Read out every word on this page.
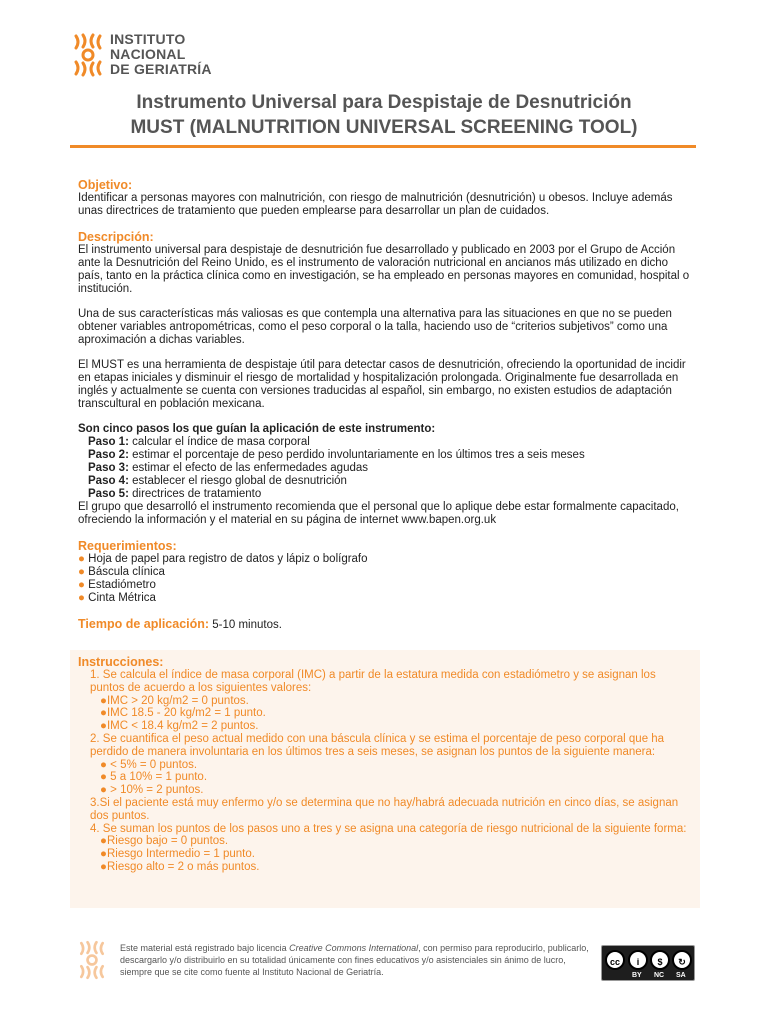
INSTITUTO
NACIONAL
DE GERIATRÍA
Instrumento Universal para Despistaje de Desnutrición
MUST (MALNUTRITION UNIVERSAL SCREENING TOOL)
Objetivo:
Identificar a personas mayores con malnutrición, con riesgo de malnutrición (desnutrición) u obesos. Incluye además unas directrices de tratamiento que pueden emplearse para desarrollar un plan de cuidados.
Descripción:
El instrumento universal para despistaje de desnutrición fue desarrollado y publicado en 2003 por el Grupo de Acción ante la Desnutrición del Reino Unido, es el instrumento de valoración nutricional en ancianos más utilizado en dicho país, tanto en la práctica clínica como en investigación, se ha empleado en personas mayores en comunidad, hospital o institución.
Una de sus características más valiosas es que contempla una alternativa para las situaciones en que no se pueden obtener variables antropométricas, como el peso corporal o la talla, haciendo uso de “criterios subjetivos” como una aproximación a dichas variables.
El MUST es una herramienta de despistaje útil para detectar casos de desnutrición, ofreciendo la oportunidad de incidir en etapas iniciales y disminuir el riesgo de mortalidad y hospitalización prolongada. Originalmente fue desarrollada en inglés y actualmente se cuenta con versiones traducidas al español, sin embargo, no existen estudios de adaptación transcultural en población mexicana.
Son cinco pasos los que guían la aplicación de este instrumento:
Paso 1: calcular el índice de masa corporal
Paso 2: estimar el porcentaje de peso perdido involuntariamente en los últimos tres a seis meses
Paso 3: estimar el efecto de las enfermedades agudas
Paso 4: establecer el riesgo global de desnutrición
Paso 5: directrices de tratamiento
El grupo que desarrolló el instrumento recomienda que el personal que lo aplique debe estar formalmente capacitado, ofreciendo la información y el material en su página de internet www.bapen.org.uk
Requerimientos:
● Hoja de papel para registro de datos y lápiz o bolígrafo
● Báscula clínica
● Estadiómetro
● Cinta Métrica
Tiempo de aplicación: 5-10 minutos.
Instrucciones:
1. Se calcula el índice de masa corporal (IMC) a partir de la estatura medida con estadiómetro y se asignan los puntos de acuerdo a los siguientes valores:
●IMC > 20 kg/m2 = 0 puntos.
●IMC 18.5 - 20 kg/m2 = 1 punto.
●IMC < 18.4 kg/m2 = 2 puntos.
2. Se cuantifica el peso actual medido con una báscula clínica y se estima el porcentaje de peso corporal que ha perdido de manera involuntaria en los últimos tres a seis meses, se asignan los puntos de la siguiente manera:
● < 5% = 0 puntos.
● 5 a 10% = 1 punto.
● > 10% = 2 puntos.
3.Si el paciente está muy enfermo y/o se determina que no hay/habrá adecuada nutrición en cinco días, se asignan dos puntos.
4. Se suman los puntos de los pasos uno a tres y se asigna una categoría de riesgo nutricional de la siguiente forma:
●Riesgo bajo = 0 puntos.
●Riesgo Intermedio = 1 punto.
●Riesgo alto = 2 o más puntos.
Este material está registrado bajo licencia Creative Commons International, con permiso para reproducirlo, publicarlo, descargarlo y/o distribuirlo en su totalidad únicamente con fines educativos y/o asistenciales sin ánimo de lucro, siempre que se cite como fuente al Instituto Nacional de Geriatría.
cc	i	$	↻
BY NC SA
